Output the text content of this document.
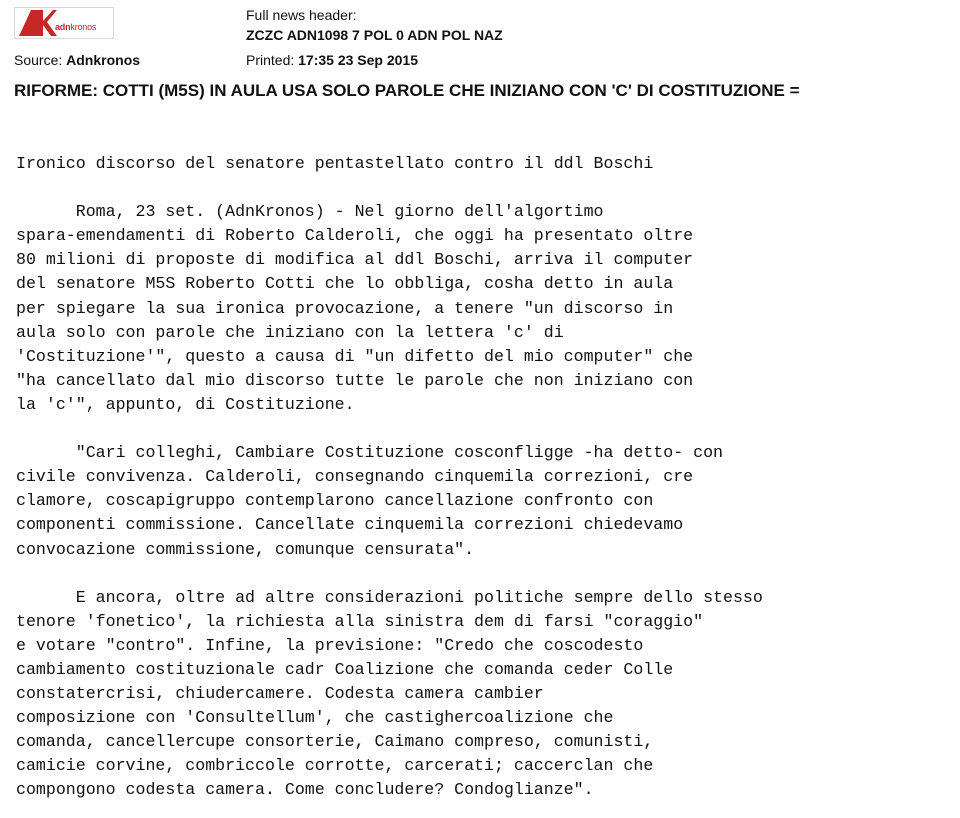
adnkronos
Full news header:
ZCZC ADN1098 7 POL 0 ADN POL NAZ
Source: Adnkronos	Printed: 17:35 23 Sep 2015
RIFORME: COTTI (M5S) IN AULA USA SOLO PAROLE CHE INIZIANO CON 'C' DI COSTITUZIONE =
Ironico discorso del senatore pentastellato contro il ddl Boschi
Roma, 23 set. (AdnKronos) - Nel giorno dell'algortimo
spara-emendamenti di Roberto Calderoli, che oggi ha presentato oltre
80 milioni di proposte di modifica al ddl Boschi, arriva il computer
del senatore M5S Roberto Cotti che lo obbliga, cosha detto in aula
per spiegare la sua ironica provocazione, a tenere "un discorso in
aula solo con parole che iniziano con la lettera 'c' di
'Costituzione'", questo a causa di "un difetto del mio computer" che
"ha cancellato dal mio discorso tutte le parole che non iniziano con
la 'c'", appunto, di Costituzione.
"Cari colleghi, Cambiare Costituzione cosconfligge -ha detto- con
civile convivenza. Calderoli, consegnando cinquemila correzioni, cre
clamore, coscapigruppo contemplarono cancellazione confronto con
componenti commissione. Cancellate cinquemila correzioni chiedevamo
convocazione commissione, comunque censurata".
E ancora, oltre ad altre considerazioni politiche sempre dello stesso
tenore 'fonetico', la richiesta alla sinistra dem di farsi "coraggio"
e votare "contro". Infine, la previsione: "Credo che coscodesto
cambiamento costituzionale cadr Coalizione che comanda ceder Colle
constatercrisi, chiudercamere. Codesta camera cambier
composizione con 'Consultellum', che castighercoalizione che
comanda, cancellercupe consorterie, Caimano compreso, comunisti,
camicie corvine, combriccole corrotte, carcerati; caccerclan che
compongono codesta camera. Come concludere? Condoglianze".
